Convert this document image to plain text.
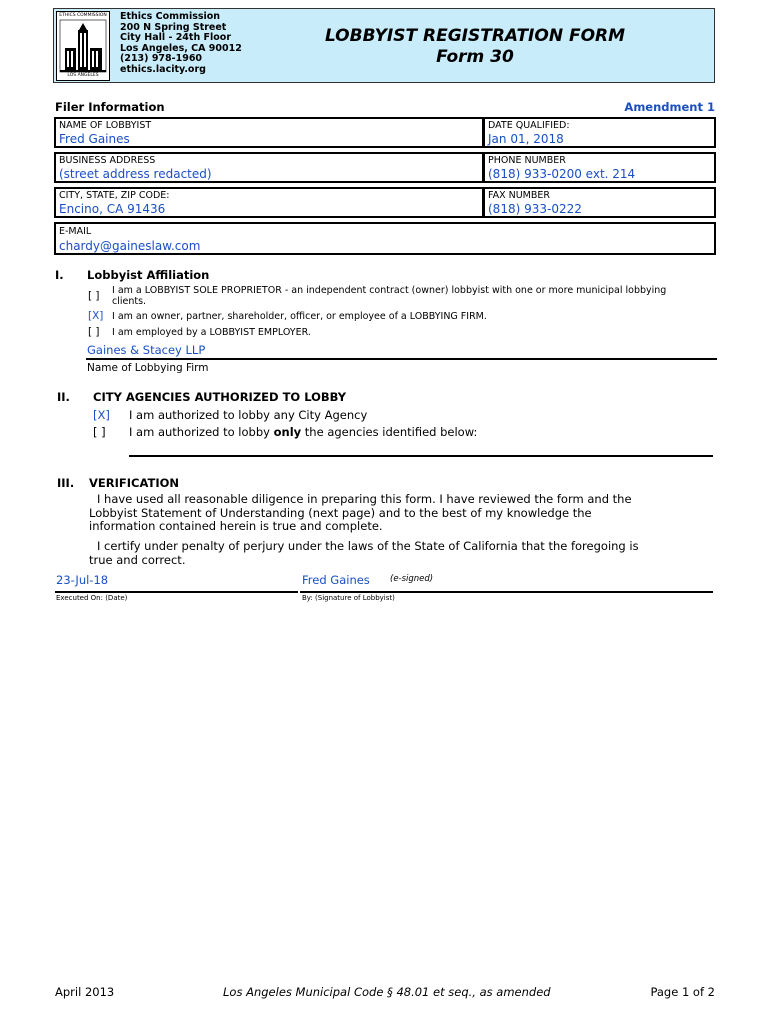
ETHICS COMMISSION
LOS ANGELES
Ethics Commission
200 N Spring Street
City Hall - 24th Floor
Los Angeles, CA 90012
(213) 978-1960
ethics.lacity.org
LOBBYIST REGISTRATION FORM
Form 30
Filer Information	Amendment 1
NAME OF LOBBYIST
Fred Gaines
DATE QUALIFIED:
Jan 01, 2018
BUSINESS ADDRESS
(street address redacted)
PHONE NUMBER
(818) 933-0200 ext. 214
CITY, STATE, ZIP CODE:
Encino, CA 91436
FAX NUMBER
(818) 933-0222
E-MAIL
chardy@gaineslaw.com
I. Lobbyist Affiliation
[ ] I am a LOBBYIST SOLE PROPRIETOR - an independent contract (owner) lobbyist with one or more municipal lobbying
clients.
[X] I am an owner, partner, shareholder, officer, or employee of a LOBBYING FIRM.
[ ] I am employed by a LOBBYIST EMPLOYER.
Gaines & Stacey LLP
Name of Lobbying Firm
II. CITY AGENCIES AUTHORIZED TO LOBBY
[X] I am authorized to lobby any City Agency
[ ] I am authorized to lobby only the agencies identified below:
III. VERIFICATION
I have used all reasonable diligence in preparing this form. I have reviewed the form and the
Lobbyist Statement of Understanding (next page) and to the best of my knowledge the
information contained herein is true and complete.
I certify under penalty of perjury under the laws of the State of California that the foregoing is
true and correct.
23-Jul-18
Executed On: (Date)
Fred Gaines (e-signed)
By: (Signature of Lobbyist)
April 2013	Los Angeles Municipal Code § 48.01 et seq., as amended	Page 1 of 2
